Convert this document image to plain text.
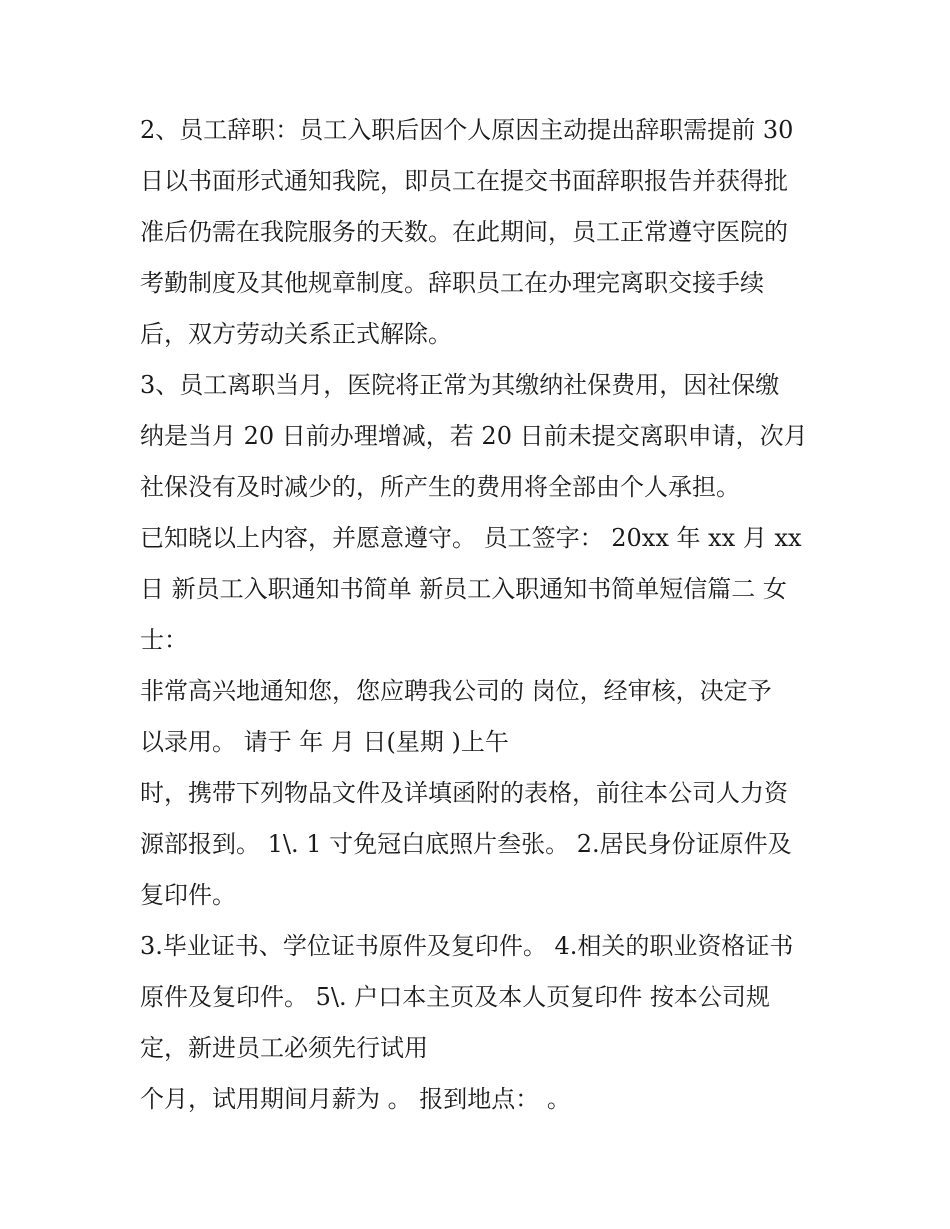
2、员工辞职：员工入职后因个人原因主动提出辞职需提前 30
日以书面形式通知我院，即员工在提交书面辞职报告并获得批
准后仍需在我院服务的天数。在此期间，员工正常遵守医院的
考勤制度及其他规章制度。辞职员工在办理完离职交接手续
后，双方劳动关系正式解除。
3、员工离职当月，医院将正常为其缴纳社保费用，因社保缴
纳是当月 20 日前办理增减，若 20 日前未提交离职申请，次月
社保没有及时减少的，所产生的费用将全部由个人承担。
已知晓以上内容，并愿意遵守。 员工签字： 20xx 年 xx 月 xx
日 新员工入职通知书简单 新员工入职通知书简单短信篇二 女
士：
非常高兴地通知您，您应聘我公司的 岗位，经审核，决定予
以录用。 请于 年 月 日(星期 )上午
时，携带下列物品文件及详填函附的表格，前往本公司人力资
源部报到。 1\. 1 寸免冠白底照片叁张。 2.居民身份证原件及
复印件。
3.毕业证书、学位证书原件及复印件。 4.相关的职业资格证书
原件及复印件。 5\. 户口本主页及本人页复印件 按本公司规
定，新进员工必须先行试用
个月，试用期间月薪为 。 报到地点： 。
